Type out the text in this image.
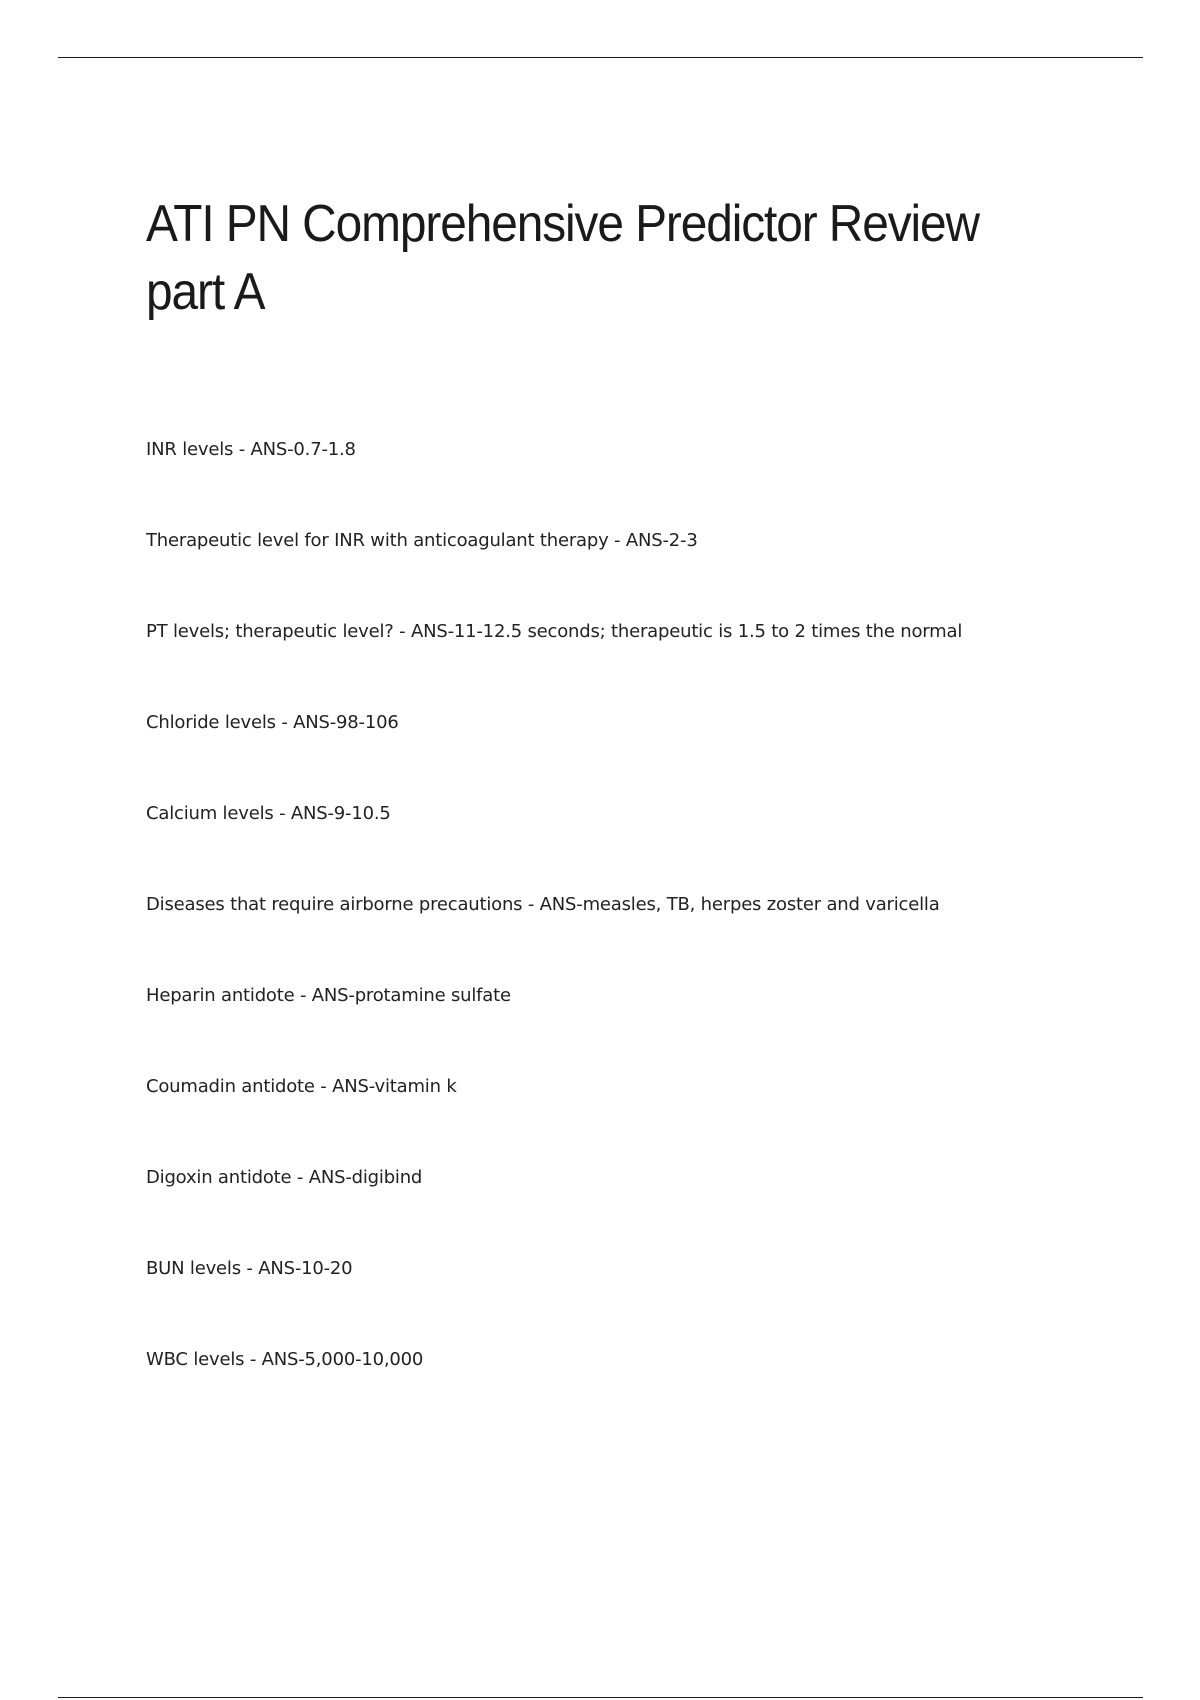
ATI PN Comprehensive Predictor Review part A
INR levels - ANS-0.7-1.8
Therapeutic level for INR with anticoagulant therapy - ANS-2-3
PT levels; therapeutic level? - ANS-11-12.5 seconds; therapeutic is 1.5 to 2 times the normal
Chloride levels - ANS-98-106
Calcium levels - ANS-9-10.5
Diseases that require airborne precautions - ANS-measles, TB, herpes zoster and varicella
Heparin antidote - ANS-protamine sulfate
Coumadin antidote - ANS-vitamin k
Digoxin antidote - ANS-digibind
BUN levels - ANS-10-20
WBC levels - ANS-5,000-10,000
